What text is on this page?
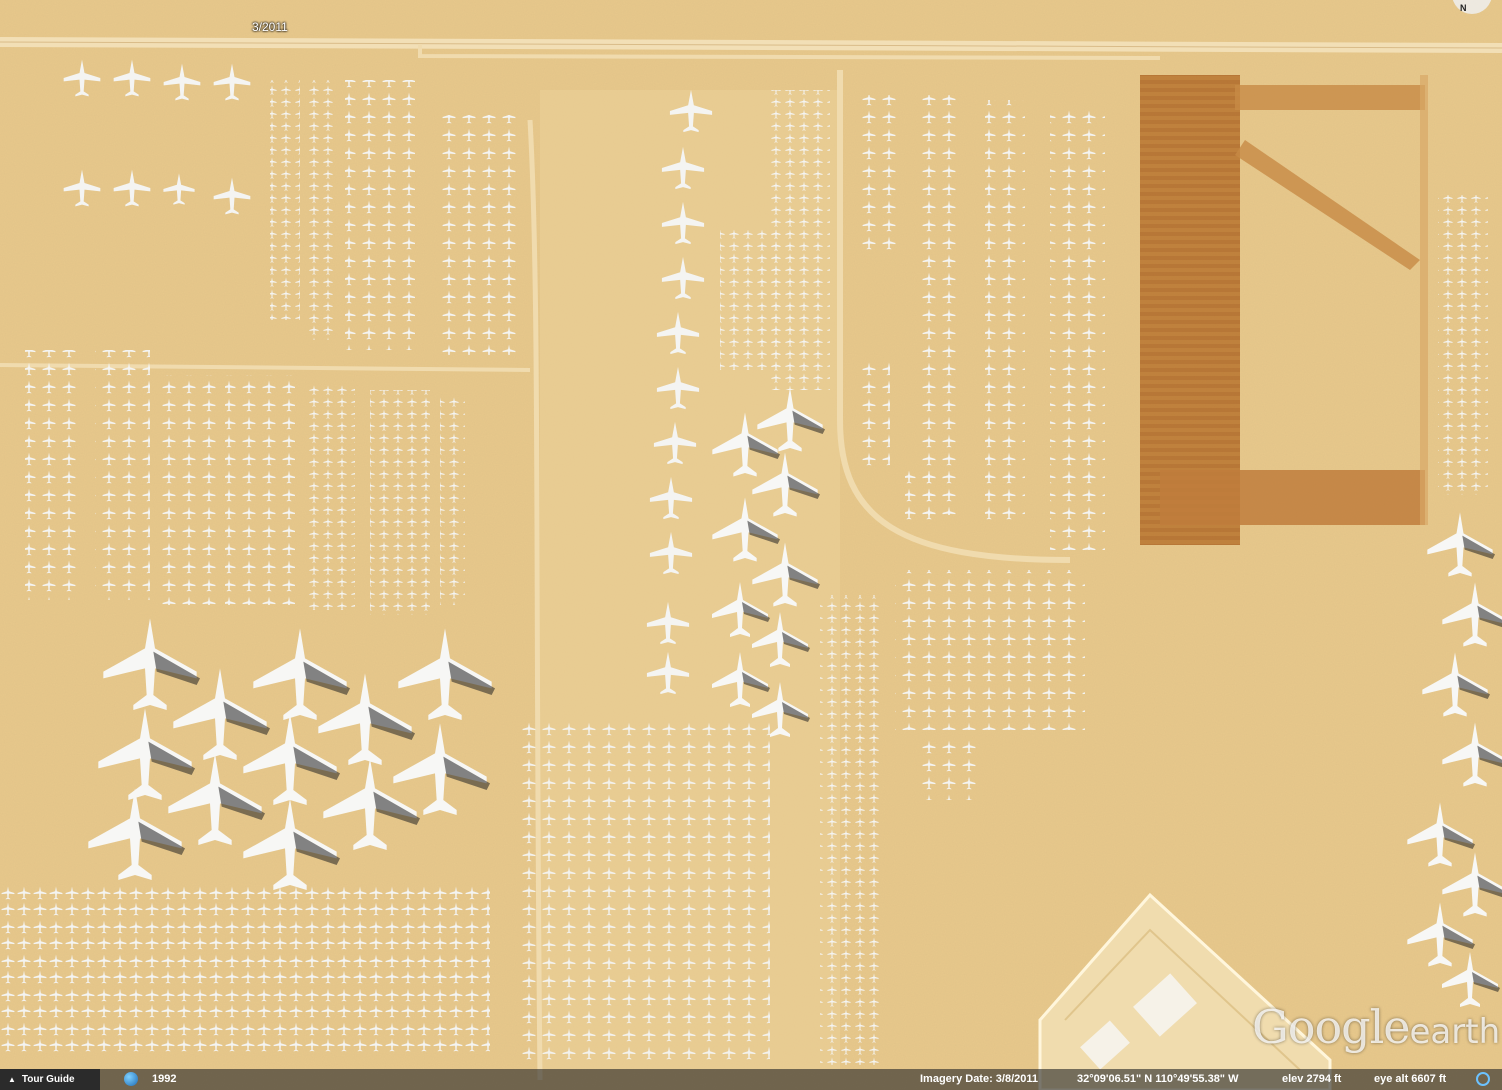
3/2011
N
Googleearth
▲ Tour Guide	1992	Imagery Date: 3/8/2011	32°09'06.51" N 110°49'55.38" W	elev 2794 ft	eye alt 6607 ft
